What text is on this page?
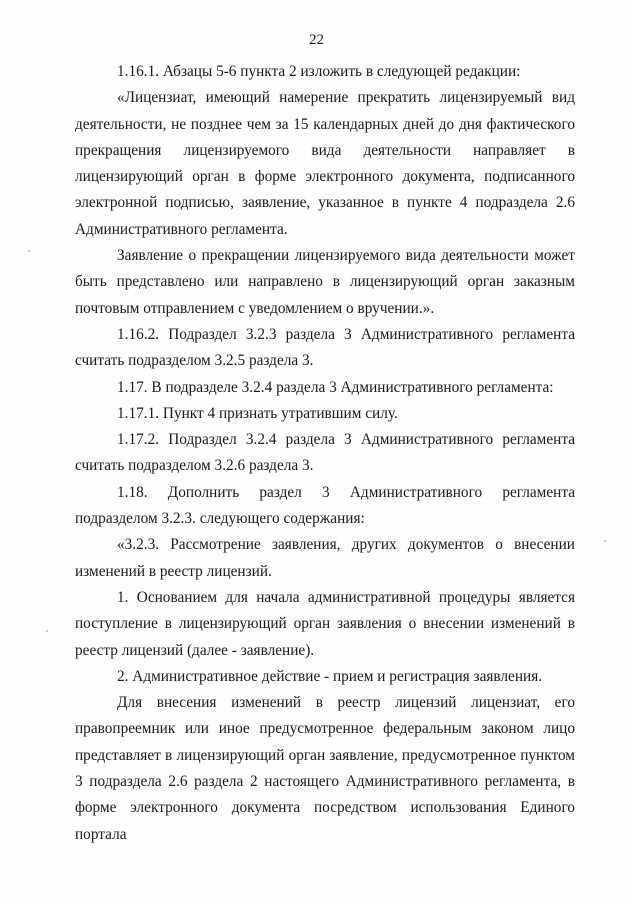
22

1.16.1. Абзацы 5-6 пункта 2 изложить в следующей редакции:

«Лицензиат, имеющий намерение прекратить лицензируемый вид деятельности, не позднее чем за 15 календарных дней до дня фактического прекращения лицензируемого вида деятельности направляет в лицензирующий орган в форме электронного документа, подписанного электронной подписью, заявление, указанное в пункте 4 подраздела 2.6 Административного регламента.

Заявление о прекращении лицензируемого вида деятельности может быть представлено или направлено в лицензирующий орган заказным почтовым отправлением с уведомлением о вручении.».

1.16.2. Подраздел 3.2.3 раздела 3 Административного регламента считать подразделом 3.2.5 раздела 3.

1.17. В подразделе 3.2.4 раздела 3 Административного регламента:

1.17.1. Пункт 4 признать утратившим силу.

1.17.2. Подраздел 3.2.4 раздела 3 Административного регламента считать подразделом 3.2.6 раздела 3.

1.18. Дополнить раздел 3 Административного регламента подразделом 3.2.3. следующего содержания:

«3.2.3. Рассмотрение заявления, других документов о внесении изменений в реестр лицензий.

1. Основанием для начала административной процедуры является поступление в лицензирующий орган заявления о внесении изменений в реестр лицензий (далее - заявление).

2. Административное действие - прием и регистрация заявления.

Для внесения изменений в реестр лицензий лицензиат, его правопреемник или иное предусмотренное федеральным законом лицо представляет в лицензирующий орган заявление, предусмотренное пунктом 3 подраздела 2.6 раздела 2 настоящего Административного регламента, в форме электронного документа посредством использования Единого портала
